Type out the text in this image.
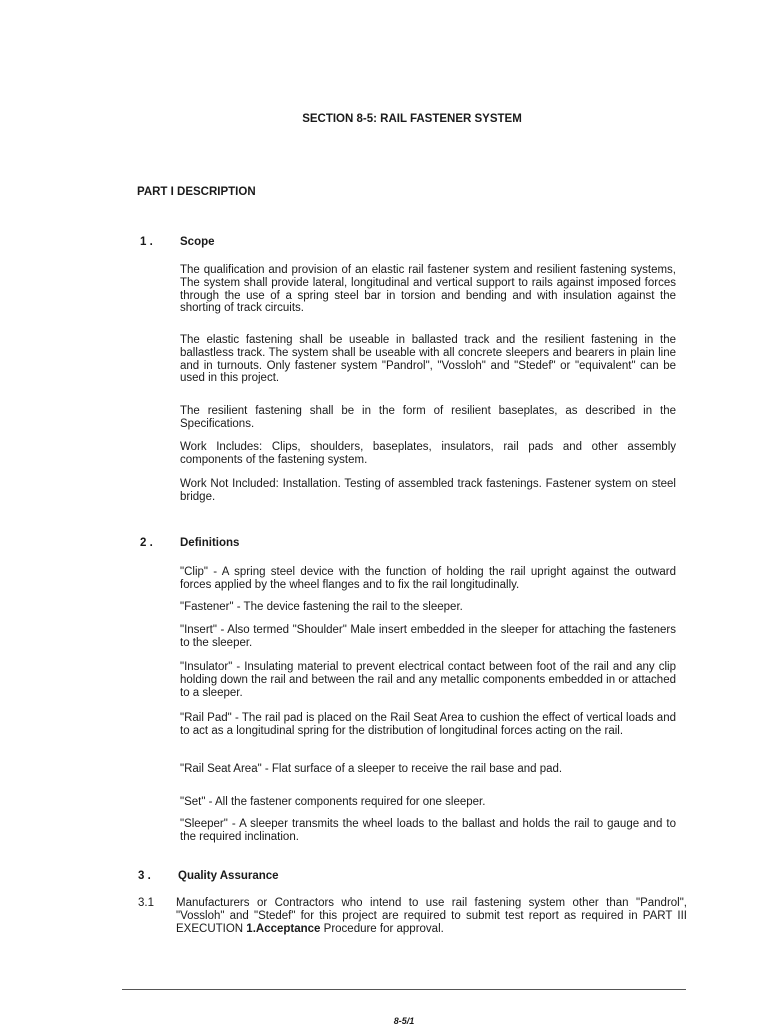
SECTION 8-5: RAIL FASTENER SYSTEM
PART I DESCRIPTION
1 . Scope
The qualification and provision of an elastic rail fastener system and resilient fastening systems, The system shall provide lateral, longitudinal and vertical support to rails against imposed forces through the use of a spring steel bar in torsion and bending and with insulation against the shorting of track circuits.
The elastic fastening shall be useable in ballasted track and the resilient fastening in the ballastless track. The system shall be useable with all concrete sleepers and bearers in plain line and in turnouts. Only fastener system "Pandrol", "Vossloh" and "Stedef" or "equivalent" can be used in this project.
The resilient fastening shall be in the form of resilient baseplates, as described in the Specifications.
Work Includes: Clips, shoulders, baseplates, insulators, rail pads and other assembly components of the fastening system.
Work Not Included: Installation. Testing of assembled track fastenings. Fastener system on steel bridge.
2 . Definitions
"Clip" - A spring steel device with the function of holding the rail upright against the outward forces applied by the wheel flanges and to fix the rail longitudinally.
"Fastener" - The device fastening the rail to the sleeper.
"Insert" - Also termed "Shoulder" Male insert embedded in the sleeper for attaching the fasteners to the sleeper.
"Insulator" - Insulating material to prevent electrical contact between foot of the rail and any clip holding down the rail and between the rail and any metallic components embedded in or attached to a sleeper.
"Rail Pad" - The rail pad is placed on the Rail Seat Area to cushion the effect of vertical loads and to act as a longitudinal spring for the distribution of longitudinal forces acting on the rail.
"Rail Seat Area" - Flat surface of a sleeper to receive the rail base and pad.
"Set" - All the fastener components required for one sleeper.
"Sleeper" - A sleeper transmits the wheel loads to the ballast and holds the rail to gauge and to the required inclination.
3 . Quality Assurance
3.1 Manufacturers or Contractors who intend to use rail fastening system other than "Pandrol", "Vossloh" and "Stedef" for this project are required to submit test report as required in PART III EXECUTION 1.Acceptance Procedure for approval.
8-5/1
